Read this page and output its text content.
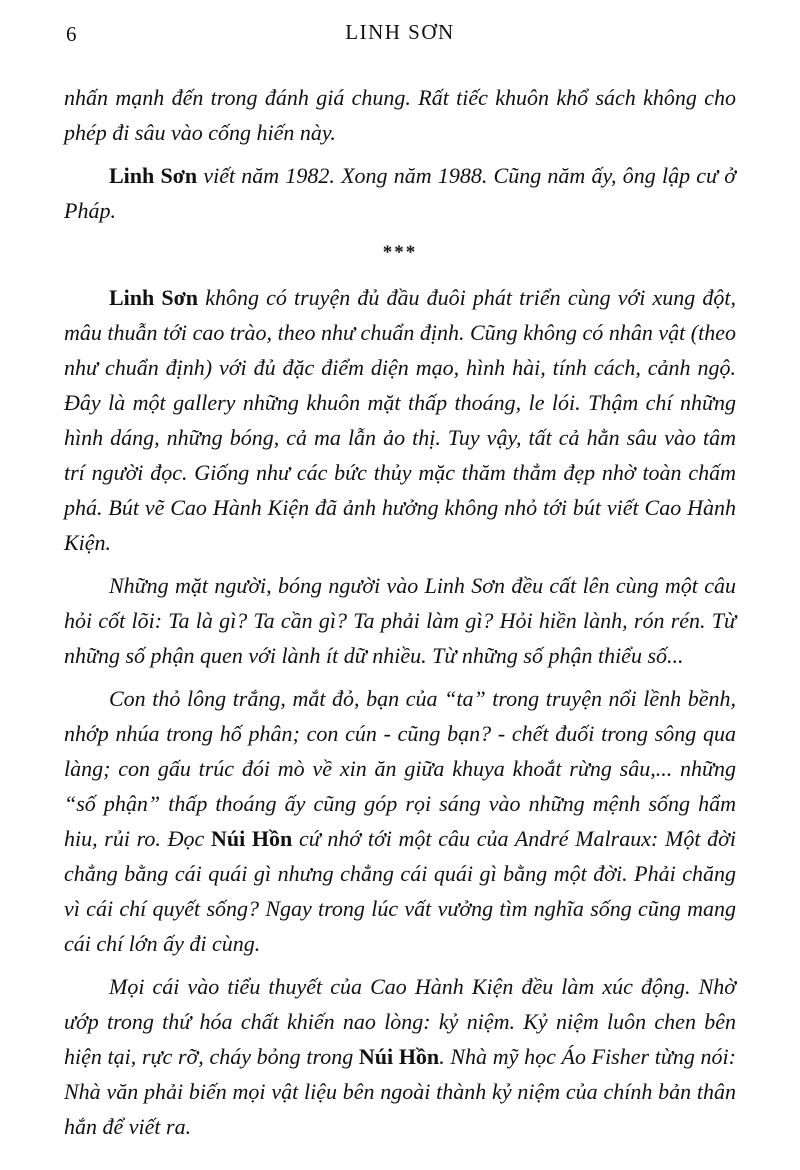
6	LINH SƠN

nhấn mạnh đến trong đánh giá chung. Rất tiếc khuôn khổ sách không cho phép đi sâu vào cống hiến này.

Linh Sơn viết năm 1982. Xong năm 1988. Cũng năm ấy, ông lập cư ở Pháp.

***

Linh Sơn không có truyện đủ đầu đuôi phát triển cùng với xung đột, mâu thuẫn tới cao trào, theo như chuẩn định. Cũng không có nhân vật (theo như chuẩn định) với đủ đặc điểm diện mạo, hình hài, tính cách, cảnh ngộ. Đây là một gallery những khuôn mặt thấp thoáng, le lói. Thậm chí những hình dáng, những bóng, cả ma lẫn ảo thị. Tuy vậy, tất cả hằn sâu vào tâm trí người đọc. Giống như các bức thủy mặc thăm thẳm đẹp nhờ toàn chấm phá. Bút vẽ Cao Hành Kiện đã ảnh hưởng không nhỏ tới bút viết Cao Hành Kiện.

Những mặt người, bóng người vào Linh Sơn đều cất lên cùng một câu hỏi cốt lõi: Ta là gì? Ta cần gì? Ta phải làm gì? Hỏi hiền lành, rón rén. Từ những số phận quen với lành ít dữ nhiều. Từ những số phận thiểu số...

Con thỏ lông trắng, mắt đỏ, bạn của “ta” trong truyện nổi lềnh bềnh, nhớp nhúa trong hố phân; con cún - cũng bạn? - chết đuối trong sông qua làng; con gấu trúc đói mò về xin ăn giữa khuya khoắt rừng sâu,... những “số phận” thấp thoáng ấy cũng góp rọi sáng vào những mệnh sống hẩm hiu, rủi ro. Đọc Núi Hồn cứ nhớ tới một câu của André Malraux: Một đời chẳng bằng cái quái gì nhưng chẳng cái quái gì bằng một đời. Phải chăng vì cái chí quyết sống? Ngay trong lúc vất vưởng tìm nghĩa sống cũng mang cái chí lớn ấy đi cùng.

Mọi cái vào tiểu thuyết của Cao Hành Kiện đều làm xúc động. Nhờ ướp trong thứ hóa chất khiến nao lòng: kỷ niệm. Kỷ niệm luôn chen bên hiện tại, rực rỡ, cháy bỏng trong Núi Hồn. Nhà mỹ học Áo Fisher từng nói: Nhà văn phải biến mọi vật liệu bên ngoài thành kỷ niệm của chính bản thân hắn để viết ra.
